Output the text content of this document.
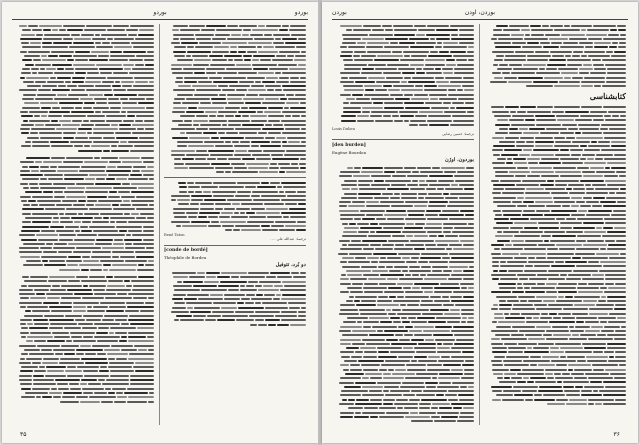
بوردو
بوردو
René Taton
ترجمهٔ: عبدالله علی ... .
[conde de bordé]
Théophile de Bordeu
دو بُرد، تئوفیل
۳۵
بوردن	بوردن، اودن
کتابشناسی
Louis Dulieu
ترجمهٔ: حسین رضایی
[den burden]
Eugène Bourdon
بوردون، اوژن
۳۶
